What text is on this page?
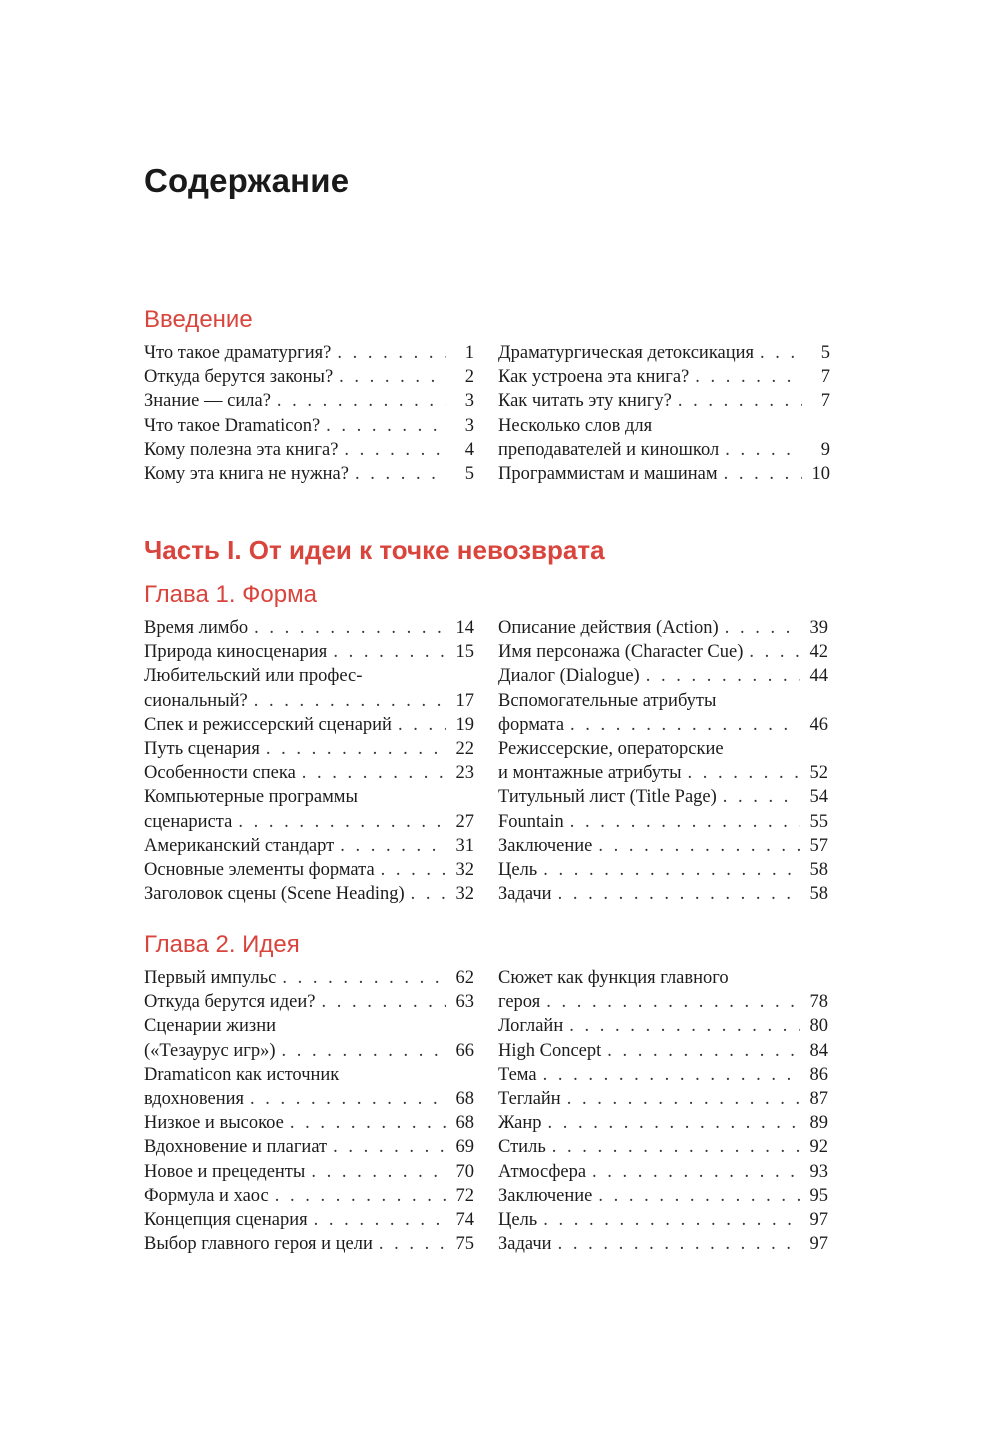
Содержание
Введение
Что такое драматургия? . . .	1
Откуда берутся законы? . . .	2
Знание — сила? . . .	3
Что такое Dramaticon? . . .	3
Кому полезна эта книга? . . .	4
Кому эта книга не нужна? . . .	5
Драматургическая детоксикация . . .	5
Как устроена эта книга? . . .	7
Как читать эту книгу? . . .	7
Несколько слов для
преподавателей и киношкол . . .	9
Программистам и машинам . . .	10
Часть I. От идеи к точке невозврата
Глава 1. Форма
Время лимбо . . .	14
Природа киносценария . . .	15
Любительский или профес-
сиональный? . . .	17
Спек и режиссерский сценарий . . .	19
Путь сценария . . .	22
Особенности спека . . .	23
Компьютерные программы
сценариста . . .	27
Американский стандарт . . .	31
Основные элементы формата . . .	32
Заголовок сцены (Scene Heading) . . .	32
Описание действия (Action) . . .	39
Имя персонажа (Character Cue) . . .	42
Диалог (Dialogue) . . .	44
Вспомогательные атрибуты
формата . . .	46
Режиссерские, операторские
и монтажные атрибуты . . .	52
Титульный лист (Title Page) . . .	54
Fountain . . .	55
Заключение . . .	57
Цель . . .	58
Задачи . . .	58
Глава 2. Идея
Первый импульс . . .	62
Откуда берутся идеи? . . .	63
Сценарии жизни
(«Тезаурус игр») . . .	66
Dramaticon как источник
вдохновения . . .	68
Низкое и высокое . . .	68
Вдохновение и плагиат . . .	69
Новое и прецеденты . . .	70
Формула и хаос . . .	72
Концепция сценария . . .	74
Выбор главного героя и цели . . .	75
Сюжет как функция главного
героя . . .	78
Логлайн . . .	80
High Concept . . .	84
Тема . . .	86
Теглайн . . .	87
Жанр . . .	89
Стиль . . .	92
Атмосфера . . .	93
Заключение . . .	95
Цель . . .	97
Задачи . . .	97
